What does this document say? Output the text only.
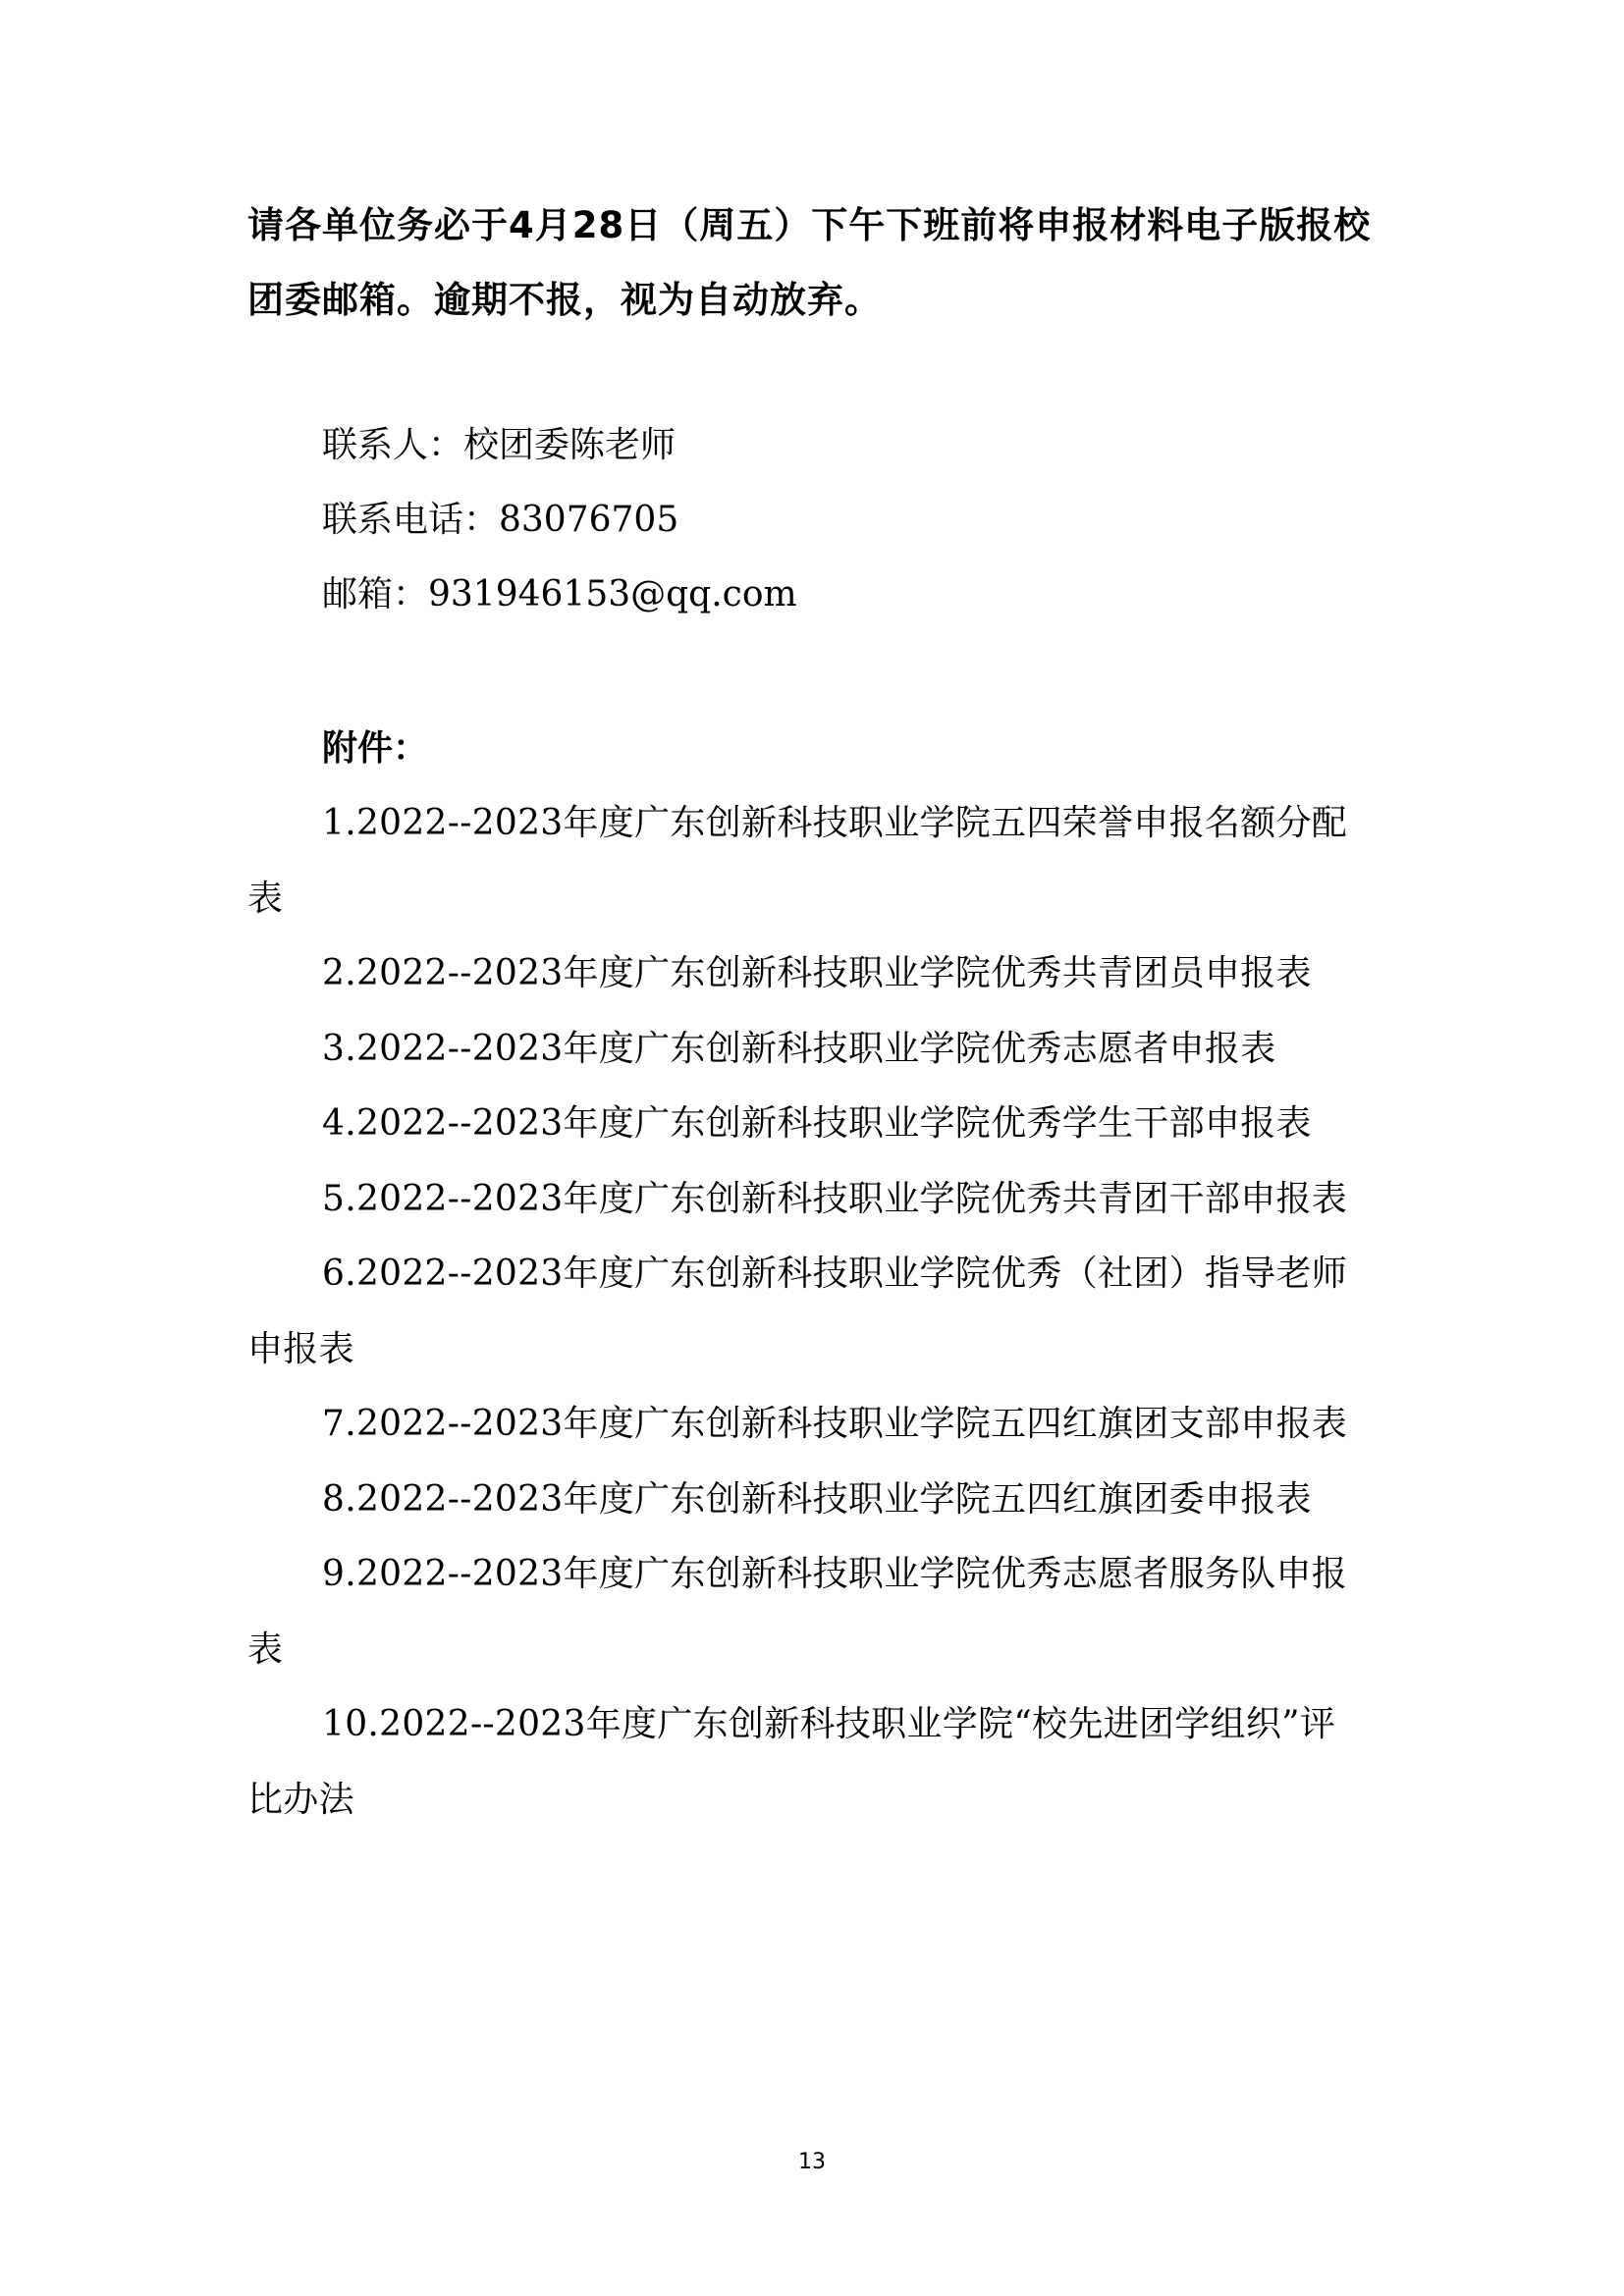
请各单位务必于4月28日（周五）下午下班前将申报材料电子版报校团委邮箱。逾期不报，视为自动放弃。
联系人：校团委陈老师
联系电话：83076705
邮箱：931946153@qq.com
附件：
1.2022--2023年度广东创新科技职业学院五四荣誉申报名额分配表
2.2022--2023年度广东创新科技职业学院优秀共青团员申报表
3.2022--2023年度广东创新科技职业学院优秀志愿者申报表
4.2022--2023年度广东创新科技职业学院优秀学生干部申报表
5.2022--2023年度广东创新科技职业学院优秀共青团干部申报表
6.2022--2023年度广东创新科技职业学院优秀（社团）指导老师申报表
7.2022--2023年度广东创新科技职业学院五四红旗团支部申报表
8.2022--2023年度广东创新科技职业学院五四红旗团委申报表
9.2022--2023年度广东创新科技职业学院优秀志愿者服务队申报表
10.2022--2023年度广东创新科技职业学院“校先进团学组织”评比办法
13
